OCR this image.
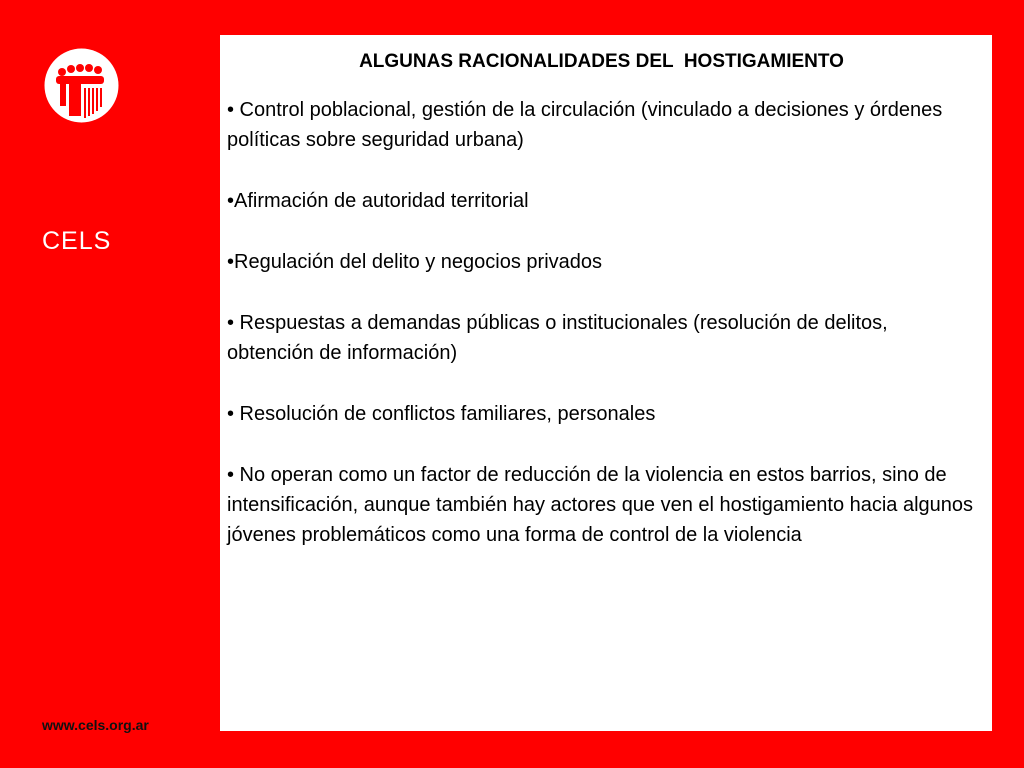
CELS
www.cels.org.ar
ALGUNAS RACIONALIDADES DEL  HOSTIGAMIENTO
• Control poblacional, gestión de la circulación (vinculado a decisiones y órdenes políticas sobre seguridad urbana)
•Afirmación de autoridad territorial
•Regulación del delito y negocios privados
• Respuestas a demandas públicas o institucionales (resolución de delitos, obtención de información)
• Resolución de conflictos familiares, personales
• No operan como un factor de reducción de la violencia en estos barrios, sino de intensificación, aunque también hay actores que ven el hostigamiento hacia algunos jóvenes problemáticos como una forma de control de la violencia
